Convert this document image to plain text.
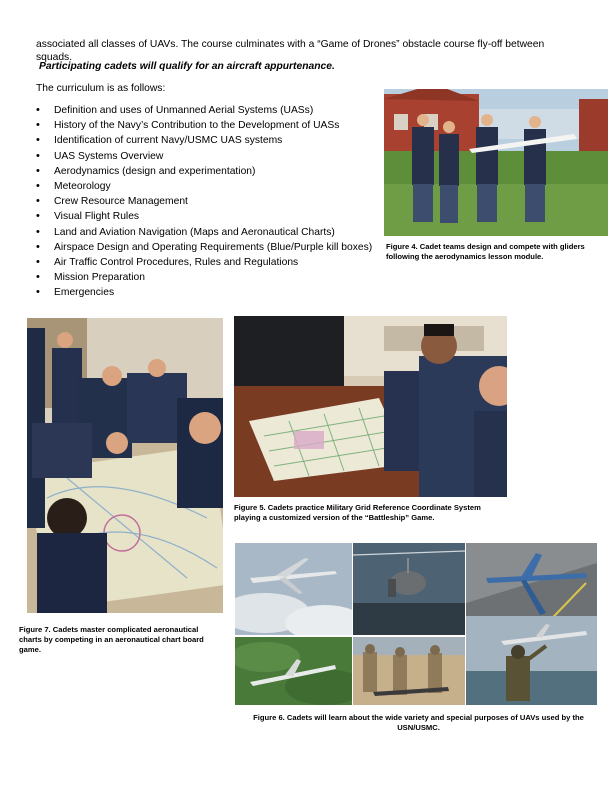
associated all classes of UAVs. The course culminates with a “Game of Drones” obstacle course fly-off between squads.
Participating cadets will qualify for an aircraft appurtenance.
The curriculum is as follows:
• Definition and uses of Unmanned Aerial Systems (UASs)
• History of the Navy’s Contribution to the Development of UASs
• Identification of current Navy/USMC UAS systems
• UAS Systems Overview
• Aerodynamics (design and experimentation)
• Meteorology
• Crew Resource Management
• Visual Flight Rules
• Land and Aviation Navigation (Maps and Aeronautical Charts)
• Airspace Design and Operating Requirements (Blue/Purple kill boxes)
• Air Traffic Control Procedures, Rules and Regulations
• Mission Preparation
• Emergencies
Figure 4. Cadet teams design and compete with gliders following the aerodynamics lesson module.
Figure 7. Cadets master complicated aeronautical charts by competing in an aeronautical chart board game.
Figure 5. Cadets practice Military Grid Reference Coordinate System playing a customized version of the “Battleship” Game.
Figure 6. Cadets will learn about the wide variety and special purposes of UAVs used by the USN/USMC.
